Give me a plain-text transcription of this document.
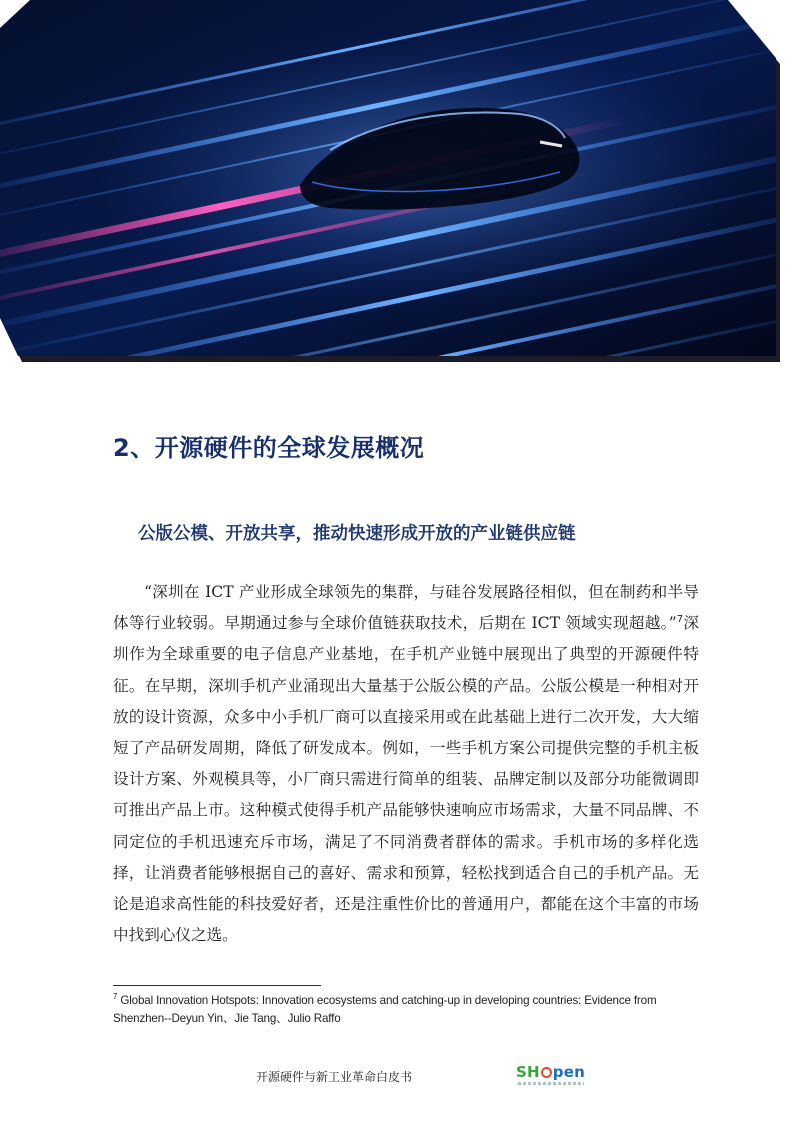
2、开源硬件的全球发展概况
公版公模、开放共享，推动快速形成开放的产业链供应链

“深圳在 ICT 产业形成全球领先的集群，与硅谷发展路径相似，但在制药和半导体等行业较弱。早期通过参与全球价值链获取技术，后期在 ICT 领域实现超越。”$^7$深圳作为全球重要的电子信息产业基地，在手机产业链中展现出了典型的开源硬件特征。在早期，深圳手机产业涌现出大量基于公版公模的产品。公版公模是一种相对开放的设计资源，众多中小手机厂商可以直接采用或在此基础上进行二次开发，大大缩短了产品研发周期，降低了研发成本。例如，一些手机方案公司提供完整的手机主板设计方案、外观模具等，小厂商只需进行简单的组装、品牌定制以及部分功能微调即可推出产品上市。这种模式使得手机产品能够快速响应市场需求，大量不同品牌、不同定位的手机迅速充斥市场，满足了不同消费者群体的需求。手机市场的多样化选择，让消费者能够根据自己的喜好、需求和预算，轻松找到适合自己的手机产品。无论是追求高性能的科技爱好者，还是注重性价比的普通用户，都能在这个丰富的市场中找到心仪之选。

$^7$ Global Innovation Hotspots: Innovation ecosystems and catching-up in developing countries: Evidence from Shenzhen--Deyun Yin、Jie Tang、Julio Raffo

开源硬件与新工业革命白皮书	SH pen
